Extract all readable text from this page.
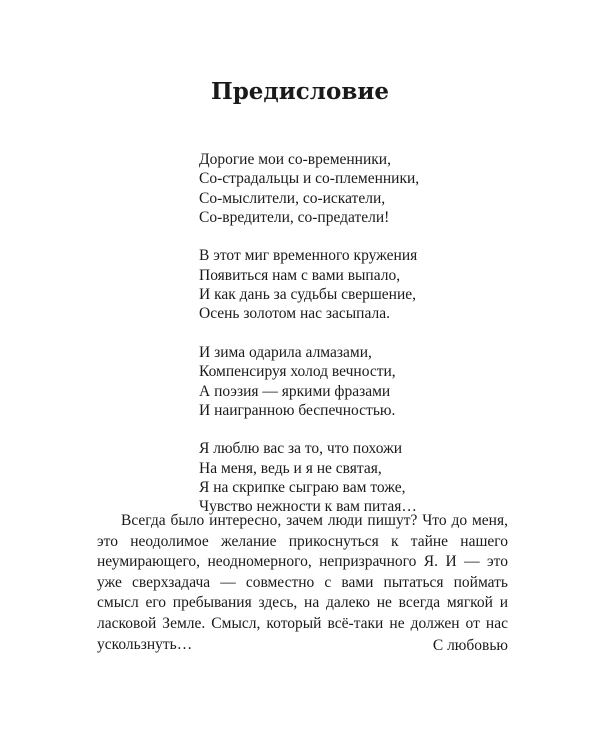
Предисловие
Дорогие мои со-временники,
Со-страдальцы и со-племенники,
Со-мыслители, со-искатели,
Со-вредители, со-предатели!
В этот миг временного кружения
Появиться нам с вами выпало,
И как дань за судьбы свершение,
Осень золотом нас засыпала.
И зима одарила алмазами,
Компенсируя холод вечности,
А поэзия — яркими фразами
И наигранною беспечностью.
Я люблю вас за то, что похожи
На меня, ведь и я не святая,
Я на скрипке сыграю вам тоже,
Чувство нежности к вам питая…

Всегда было интересно, зачем люди пишут? Что до меня, это неодолимое желание прикоснуться к тайне нашего неумирающего, неодномерного, непризрачного Я. И — это уже сверхзадача — совместно с вами пытаться поймать смысл его пребывания здесь, на далеко не всегда мягкой и ласковой Земле. Смысл, который всё-таки не должен от нас ускользнуть…	С любовью
